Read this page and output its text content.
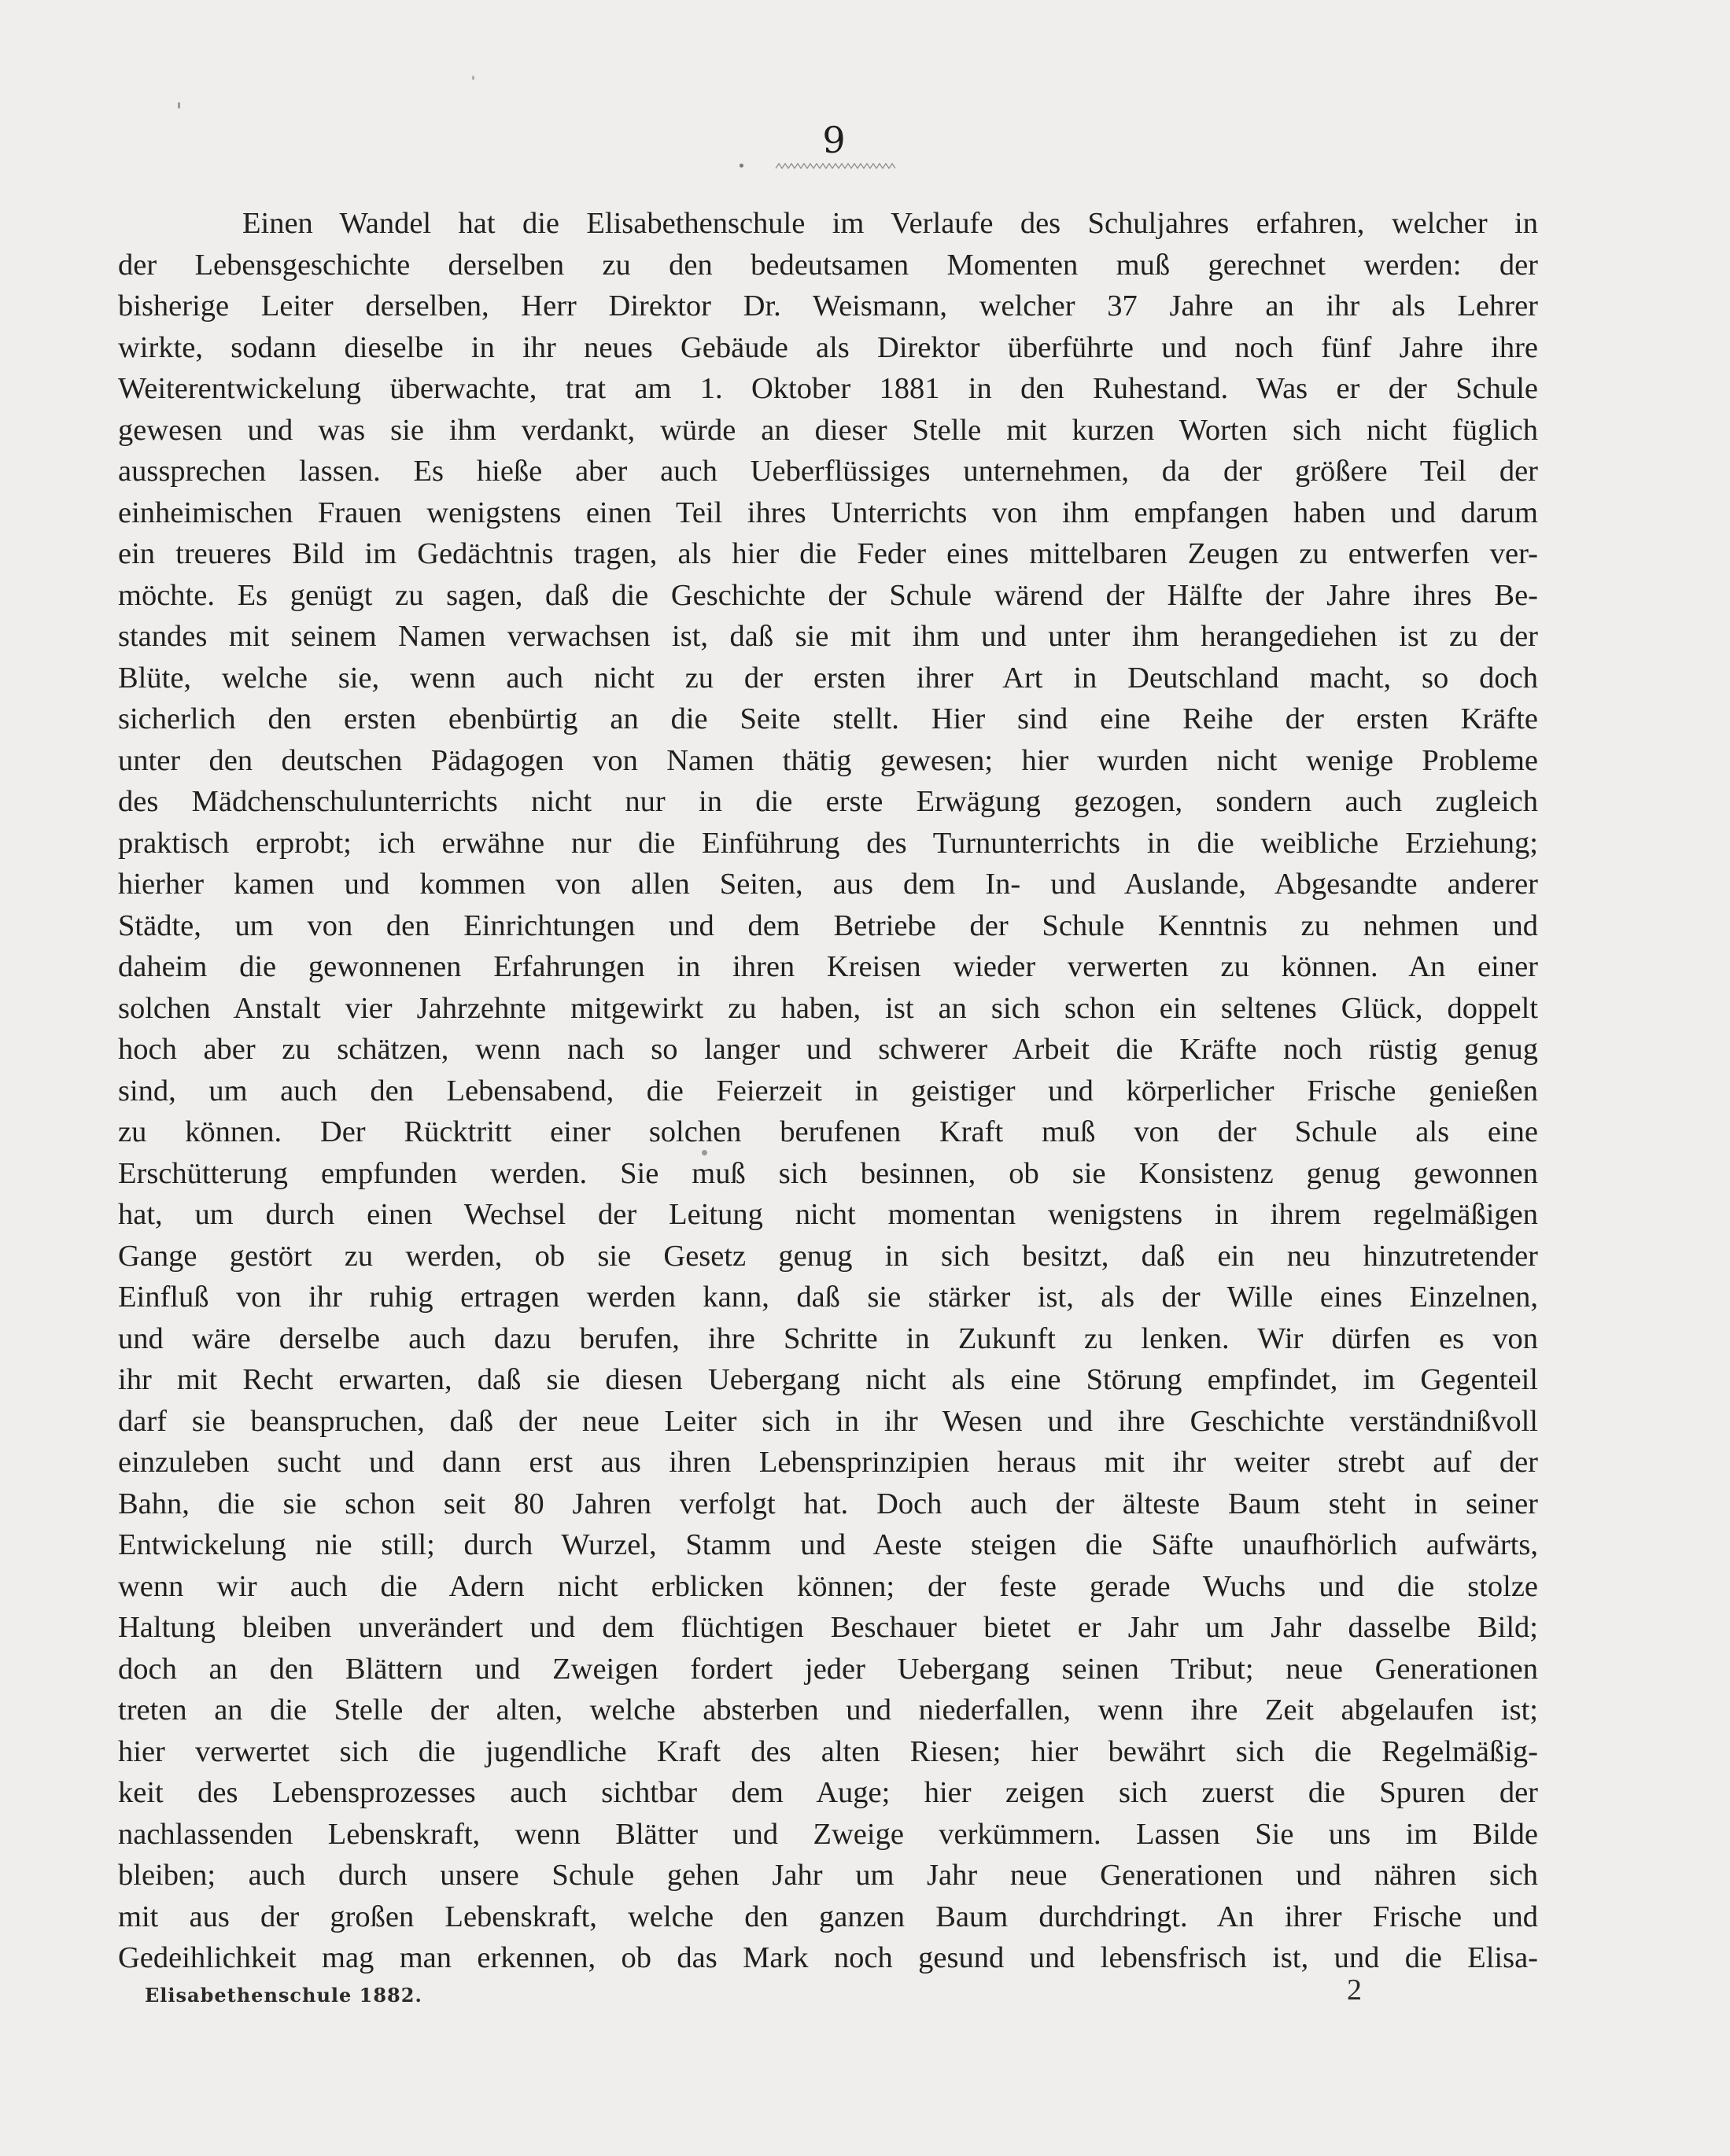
9
Einen Wandel hat die Elisabethenschule im Verlaufe des Schuljahres erfahren, welcher in
der Lebensgeschichte derselben zu den bedeutsamen Momenten muß gerechnet werden: der
bisherige Leiter derselben, Herr Direktor Dr. Weismann, welcher 37 Jahre an ihr als Lehrer
wirkte, sodann dieselbe in ihr neues Gebäude als Direktor überführte und noch fünf Jahre ihre
Weiterentwickelung überwachte, trat am 1. Oktober 1881 in den Ruhestand. Was er der Schule
gewesen und was sie ihm verdankt, würde an dieser Stelle mit kurzen Worten sich nicht füglich
aussprechen lassen. Es hieße aber auch Ueberflüssiges unternehmen, da der größere Teil der
einheimischen Frauen wenigstens einen Teil ihres Unterrichts von ihm empfangen haben und darum
ein treueres Bild im Gedächtnis tragen, als hier die Feder eines mittelbaren Zeugen zu entwerfen ver-
möchte. Es genügt zu sagen, daß die Geschichte der Schule wärend der Hälfte der Jahre ihres Be-
standes mit seinem Namen verwachsen ist, daß sie mit ihm und unter ihm herangediehen ist zu der
Blüte, welche sie, wenn auch nicht zu der ersten ihrer Art in Deutschland macht, so doch
sicherlich den ersten ebenbürtig an die Seite stellt. Hier sind eine Reihe der ersten Kräfte
unter den deutschen Pädagogen von Namen thätig gewesen; hier wurden nicht wenige Probleme
des Mädchenschulunterrichts nicht nur in die erste Erwägung gezogen, sondern auch zugleich
praktisch erprobt; ich erwähne nur die Einführung des Turnunterrichts in die weibliche Erziehung;
hierher kamen und kommen von allen Seiten, aus dem In- und Auslande, Abgesandte anderer
Städte, um von den Einrichtungen und dem Betriebe der Schule Kenntnis zu nehmen und
daheim die gewonnenen Erfahrungen in ihren Kreisen wieder verwerten zu können. An einer
solchen Anstalt vier Jahrzehnte mitgewirkt zu haben, ist an sich schon ein seltenes Glück, doppelt
hoch aber zu schätzen, wenn nach so langer und schwerer Arbeit die Kräfte noch rüstig genug
sind, um auch den Lebensabend, die Feierzeit in geistiger und körperlicher Frische genießen
zu können. Der Rücktritt einer solchen berufenen Kraft muß von der Schule als eine
Erschütterung empfunden werden. Sie muß sich besinnen, ob sie Konsistenz genug gewonnen
hat, um durch einen Wechsel der Leitung nicht momentan wenigstens in ihrem regelmäßigen
Gange gestört zu werden, ob sie Gesetz genug in sich besitzt, daß ein neu hinzutretender
Einfluß von ihr ruhig ertragen werden kann, daß sie stärker ist, als der Wille eines Einzelnen,
und wäre derselbe auch dazu berufen, ihre Schritte in Zukunft zu lenken. Wir dürfen es von
ihr mit Recht erwarten, daß sie diesen Uebergang nicht als eine Störung empfindet, im Gegenteil
darf sie beanspruchen, daß der neue Leiter sich in ihr Wesen und ihre Geschichte verständnißvoll
einzuleben sucht und dann erst aus ihren Lebensprinzipien heraus mit ihr weiter strebt auf der
Bahn, die sie schon seit 80 Jahren verfolgt hat. Doch auch der älteste Baum steht in seiner
Entwickelung nie still; durch Wurzel, Stamm und Aeste steigen die Säfte unaufhörlich aufwärts,
wenn wir auch die Adern nicht erblicken können; der feste gerade Wuchs und die stolze
Haltung bleiben unverändert und dem flüchtigen Beschauer bietet er Jahr um Jahr dasselbe Bild;
doch an den Blättern und Zweigen fordert jeder Uebergang seinen Tribut; neue Generationen
treten an die Stelle der alten, welche absterben und niederfallen, wenn ihre Zeit abgelaufen ist;
hier verwertet sich die jugendliche Kraft des alten Riesen; hier bewährt sich die Regelmäßig-
keit des Lebensprozesses auch sichtbar dem Auge; hier zeigen sich zuerst die Spuren der
nachlassenden Lebenskraft, wenn Blätter und Zweige verkümmern. Lassen Sie uns im Bilde
bleiben; auch durch unsere Schule gehen Jahr um Jahr neue Generationen und nähren sich
mit aus der großen Lebenskraft, welche den ganzen Baum durchdringt. An ihrer Frische und
Gedeihlichkeit mag man erkennen, ob das Mark noch gesund und lebensfrisch ist, und die Elisa-
Elisabethenschule 1882.	2
